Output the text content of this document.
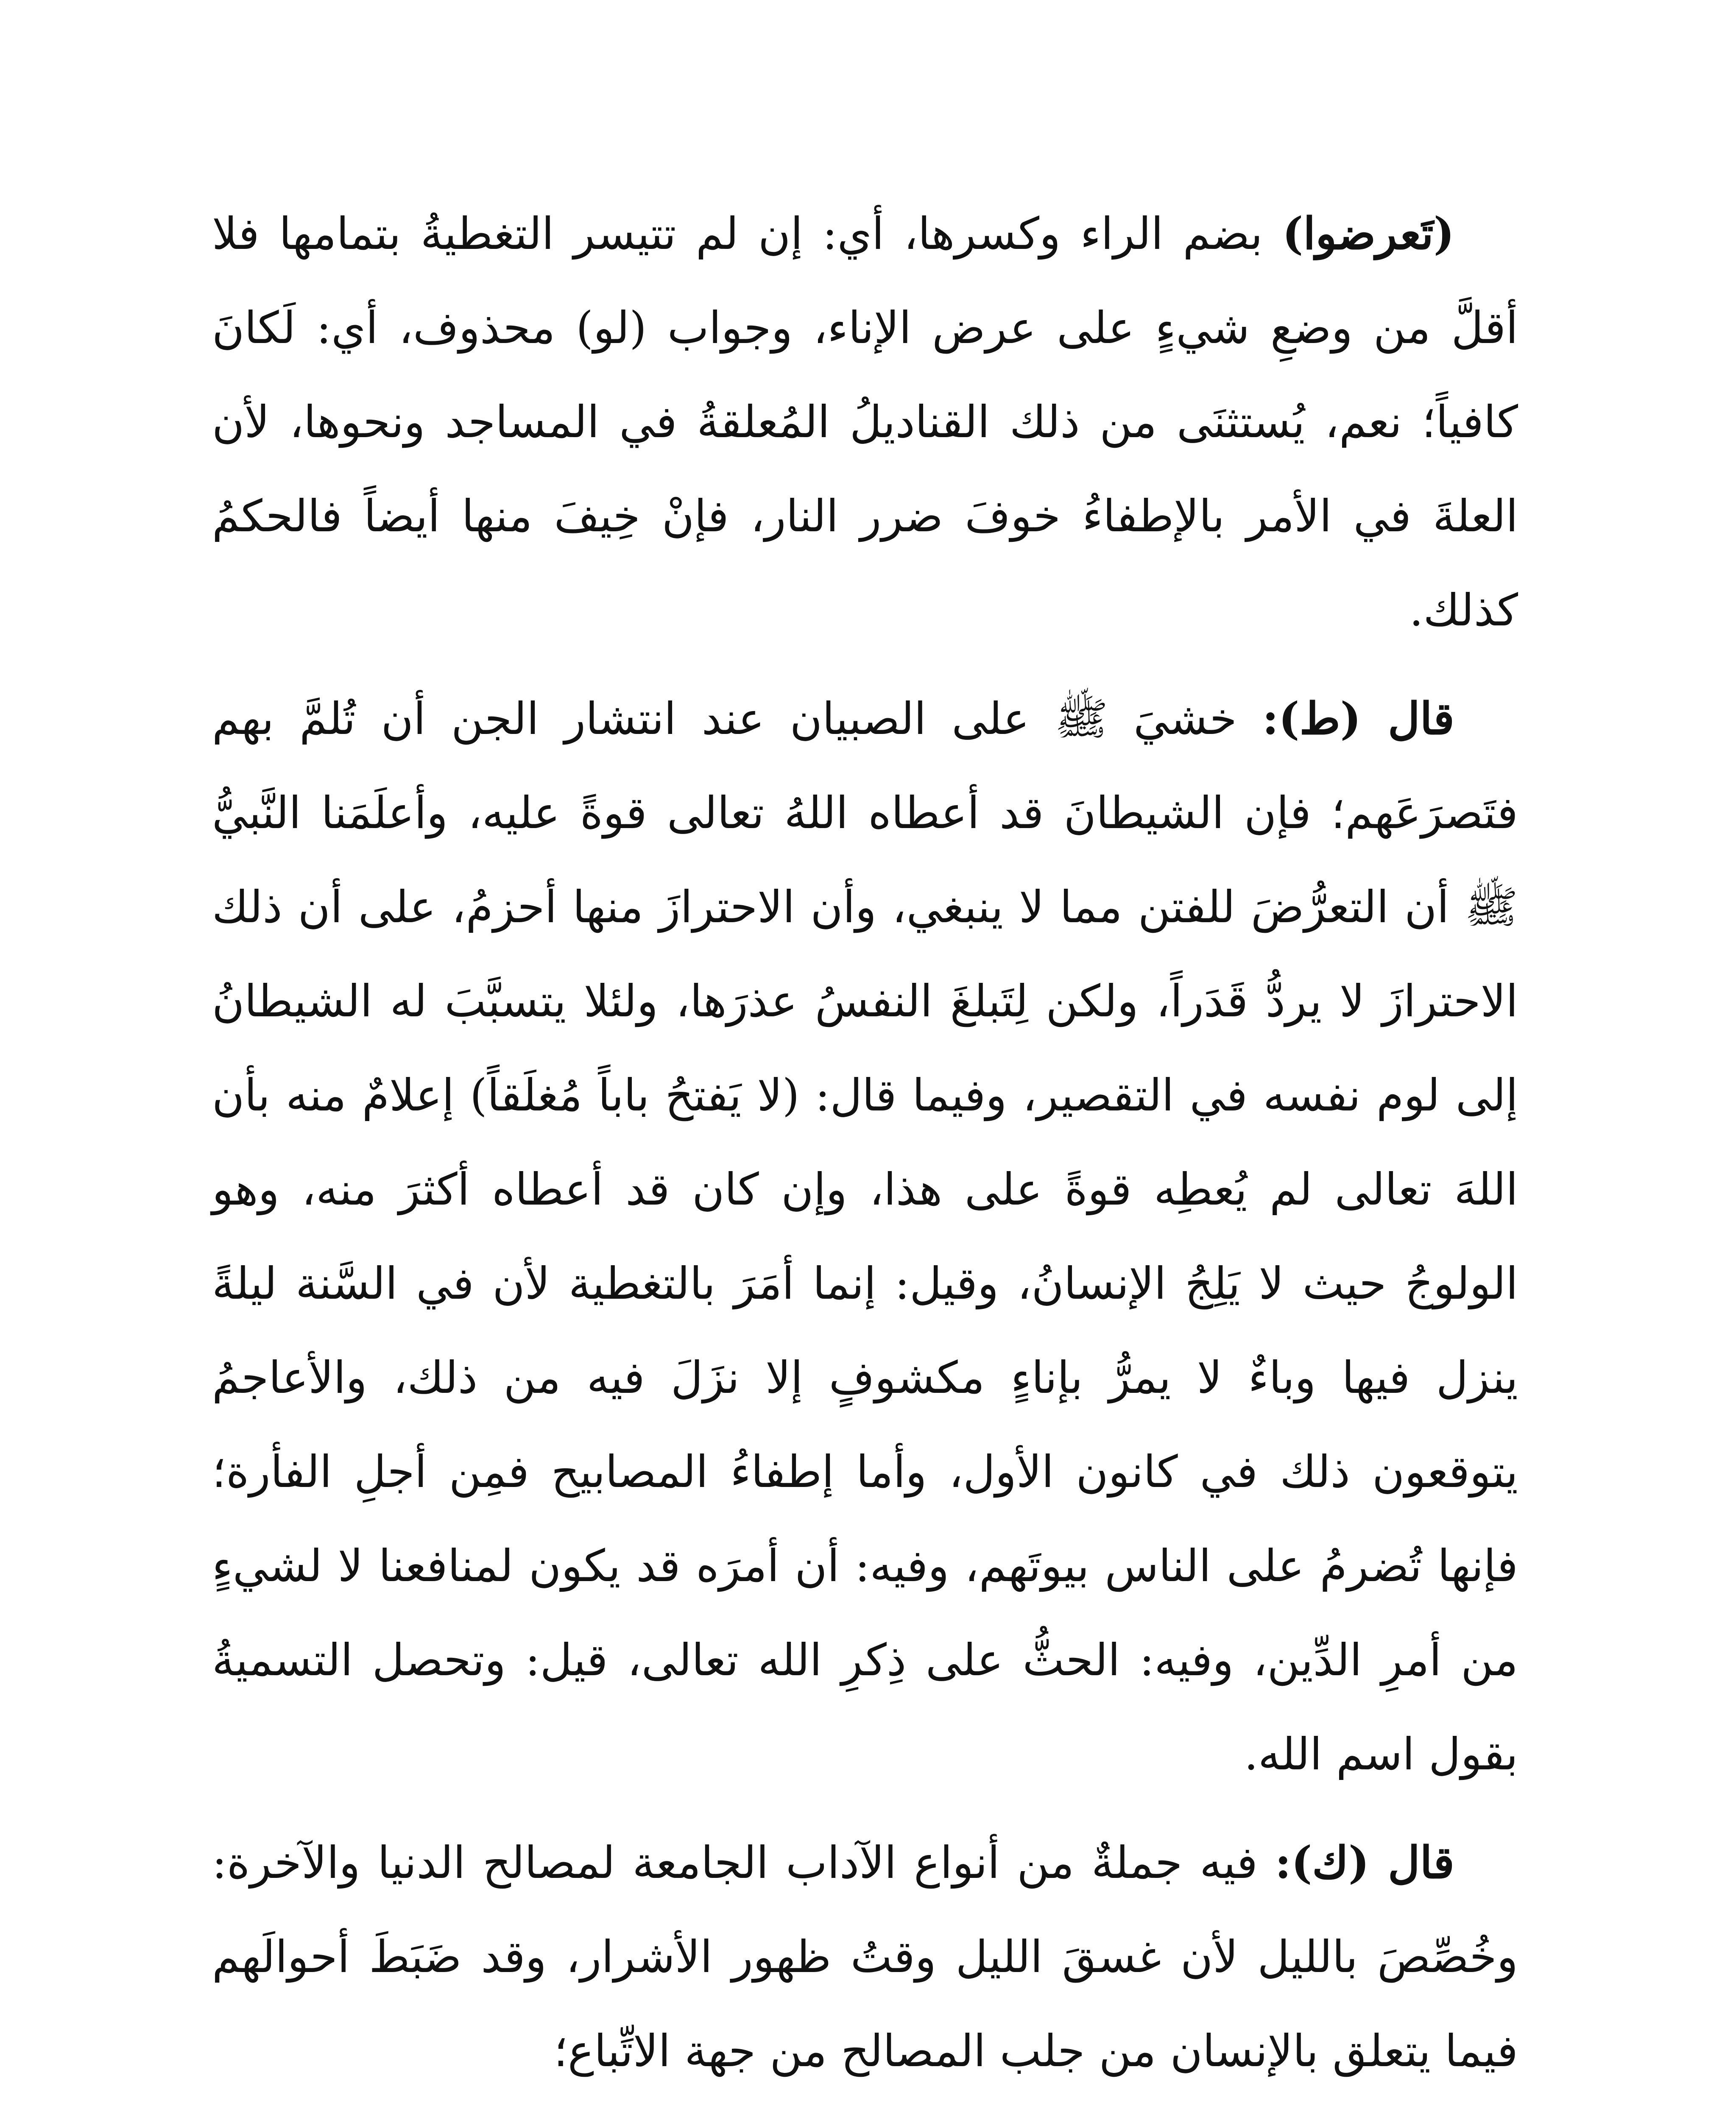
(تَعرضوا) بضم الراء وكسرها، أي: إن لم تتيسر التغطيةُ بتمامها فلا أقلَّ من وضعِ شيءٍ على عرض الإناء، وجواب (لو) محذوف، أي: لَكانَ كافياً؛ نعم، يُستثنَى من ذلك القناديلُ المُعلقةُ في المساجد ونحوها، لأن العلةَ في الأمر بالإطفاءُ خوفَ ضرر النار، فإنْ خِيفَ منها أيضاً فالحكمُ كذلك.

قال (ط): خشيَ ﷺ على الصبيان عند انتشار الجن أن تُلمَّ بهم فتَصرَعَهم؛ فإن الشيطانَ قد أعطاه اللهُ تعالى قوةً عليه، وأعلَمَنا النَّبيُّ ﷺ أن التعرُّضَ للفتن مما لا ينبغي، وأن الاحترازَ منها أحزمُ، على أن ذلك الاحترازَ لا يردُّ قَدَراً، ولكن لِتَبلغَ النفسُ عذرَها، ولئلا يتسبَّبَ له الشيطانُ إلى لوم نفسه في التقصير، وفيما قال: (لا يَفتحُ باباً مُغلَقاً) إعلامٌ منه بأن اللهَ تعالى لم يُعطِه قوةً على هذا، وإن كان قد أعطاه أكثرَ منه، وهو الولوجُ حيث لا يَلِجُ الإنسانُ، وقيل: إنما أمَرَ بالتغطية لأن في السَّنة ليلةً ينزل فيها وباءٌ لا يمرُّ بإناءٍ مكشوفٍ إلا نزَلَ فيه من ذلك، والأعاجمُ يتوقعون ذلك في كانون الأول، وأما إطفاءُ المصابيح فمِن أجلِ الفأرة؛ فإنها تُضرمُ على الناس بيوتَهم، وفيه: أن أمرَه قد يكون لمنافعنا لا لشيءٍ من أمرِ الدِّين، وفيه: الحثُّ على ذِكرِ الله تعالى، قيل: وتحصل التسميةُ بقول اسم الله.

قال (ك): فيه جملةٌ من أنواع الآداب الجامعة لمصالح الدنيا والآخرة: وخُصِّصَ بالليل لأن غسقَ الليل وقتُ ظهور الأشرار، وقد ضَبَطَ أحوالَهم فيما يتعلق بالإنسان من جلب المصالح من جهة الاتِّباع؛
